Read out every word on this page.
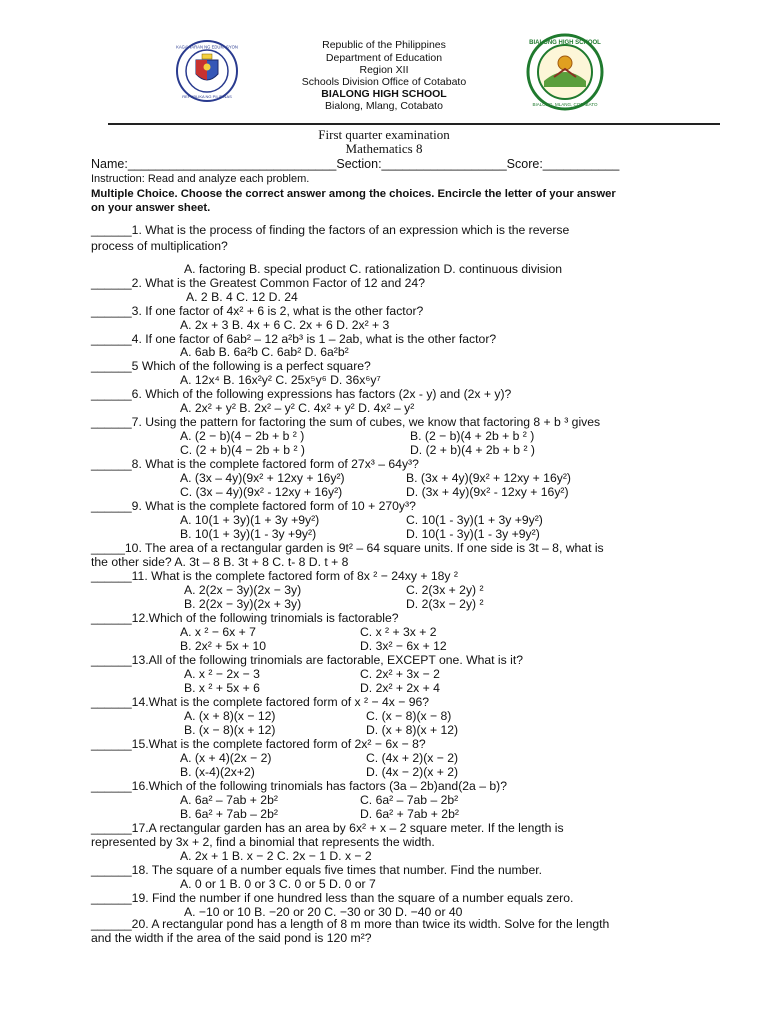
KAGAWARAN NG EDUKASYON
REPUBLIKA NG PILIPINAS
BIALONG HIGH SCHOOL
BIALONG, MLANG, COTABATO
Republic of the Philippines
Department of Education
Region XII
Schools Division Office of Cotabato
BIALONG HIGH SCHOOL
Bialong, Mlang, Cotabato
First quarter examination
Mathematics 8
Name:______________________________Section:__________________Score:___________
Instruction: Read and analyze each problem.
Multiple Choice. Choose the correct answer among the choices. Encircle the letter of your answer
on your answer sheet.
______1. What is the process of finding the factors of an expression which is the reverse
process of multiplication?
A. factoring B. special product C. rationalization D. continuous division
______2. What is the Greatest Common Factor of 12 and 24?
A. 2 B. 4 C. 12 D. 24
______3. If one factor of 4x² + 6 is 2, what is the other factor?
A. 2x + 3 B. 4x + 6 C. 2x + 6 D. 2x² + 3
______4. If one factor of 6ab² – 12 a²b³ is 1 – 2ab, what is the other factor?
A. 6ab B. 6a²b C. 6ab² D. 6a²b²
______5 Which of the following is a perfect square?
A. 12x⁴ B. 16x²y² C. 25x⁵y⁶ D. 36x⁶y⁷
______6. Which of the following expressions has factors (2x - y) and (2x + y)?
A. 2x² + y² B. 2x² – y² C. 4x² + y² D. 4x² – y²
______7. Using the pattern for factoring the sum of cubes, we know that factoring 8 + b ³ gives
A. (2 − b)(4 − 2b + b ² )	B. (2 − b)(4 + 2b + b ² )
C. (2 + b)(4 − 2b + b ² )	D. (2 + b)(4 + 2b + b ² )
______8. What is the complete factored form of 27x³ – 64y³?
A. (3x – 4y)(9x² + 12xy + 16y²)	B. (3x + 4y)(9x² + 12xy + 16y²)
C. (3x – 4y)(9x² - 12xy + 16y²)	D. (3x + 4y)(9x² - 12xy + 16y²)
______9. What is the complete factored form of 10 + 270y³?
A. 10(1 + 3y)(1 + 3y +9y²)	C. 10(1 - 3y)(1 + 3y +9y²)
B. 10(1 + 3y)(1 - 3y +9y²)	D. 10(1 - 3y)(1 - 3y +9y²)
_____10. The area of a rectangular garden is 9t² – 64 square units. If one side is 3t – 8, what is
the other side? A. 3t – 8 B. 3t + 8 C. t- 8 D. t + 8
______11. What is the complete factored form of 8x ² − 24xy + 18y ²
A. 2(2x − 3y)(2x − 3y)	C. 2(3x + 2y) ²
B. 2(2x − 3y)(2x + 3y)	D. 2(3x − 2y) ²
______12.Which of the following trinomials is factorable?
A. x ² − 6x + 7	C. x ² + 3x + 2
B. 2x² + 5x + 10	D. 3x² − 6x + 12
______13.All of the following trinomials are factorable, EXCEPT one. What is it?
A. x ² − 2x − 3	C. 2x² + 3x − 2
B. x ² + 5x + 6	D. 2x² + 2x + 4
______14.What is the complete factored form of x ² − 4x − 96?
A. (x + 8)(x − 12)	C. (x − 8)(x − 8)
B. (x − 8)(x + 12)	D. (x + 8)(x + 12)
______15.What is the complete factored form of 2x² − 6x − 8?
A. (x + 4)(2x − 2)	C. (4x + 2)(x − 2)
B. (x-4)(2x+2)	D. (4x − 2)(x + 2)
______16.Which of the following trinomials has factors (3a – 2b)and(2a – b)?
A. 6a² – 7ab + 2b²	C. 6a² – 7ab – 2b²
B. 6a² + 7ab – 2b²	D. 6a² + 7ab + 2b²
______17.A rectangular garden has an area by 6x² + x – 2 square meter. If the length is
represented by 3x + 2, find a binomial that represents the width.
A. 2x + 1 B. x − 2 C. 2x − 1 D. x − 2
______18. The square of a number equals five times that number. Find the number.
A. 0 or 1 B. 0 or 3 C. 0 or 5 D. 0 or 7
______19. Find the number if one hundred less than the square of a number equals zero.
A. −10 or 10 B. −20 or 20 C. −30 or 30 D. −40 or 40
______20. A rectangular pond has a length of 8 m more than twice its width. Solve for the length
and the width if the area of the said pond is 120 m²?
